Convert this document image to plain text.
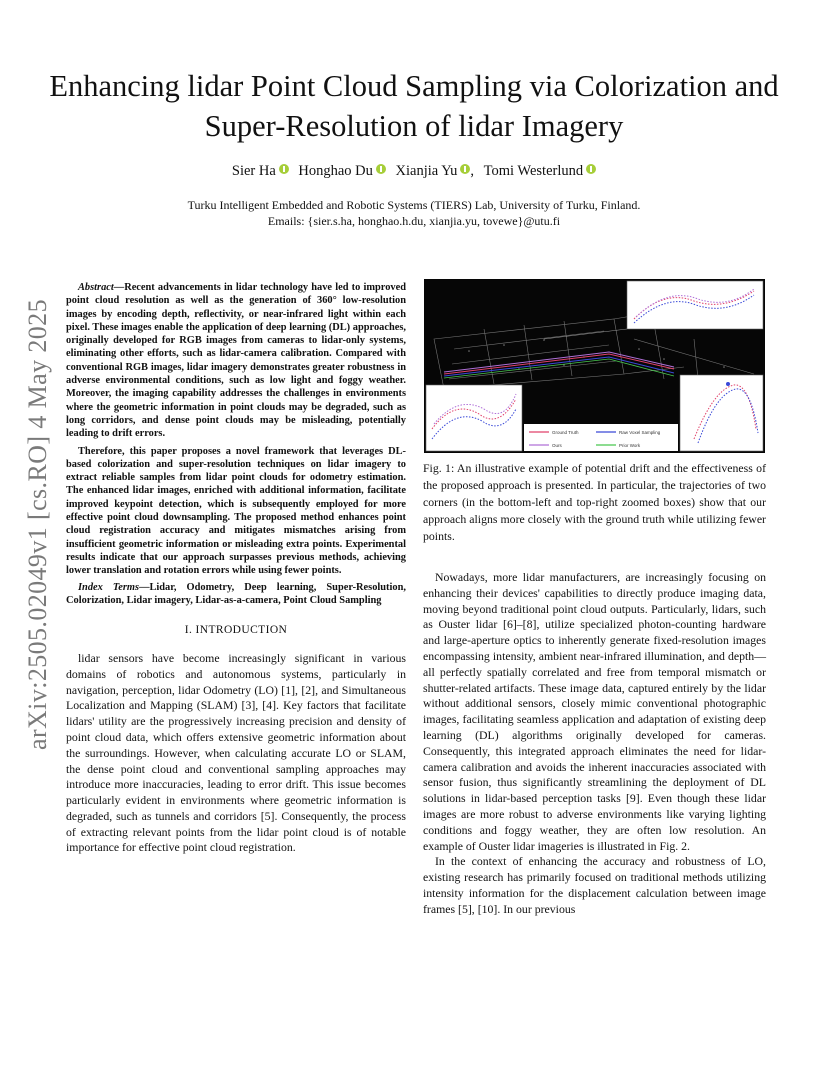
arXiv:2505.02049v1 [cs.RO] 4 May 2025
Enhancing lidar Point Cloud Sampling via Colorization and Super-Resolution of lidar Imagery
Sier Ha Honghao Du Xianjia Yu , Tomi Westerlund
Turku Intelligent Embedded and Robotic Systems (TIERS) Lab, University of Turku, Finland.
Emails: {sier.s.ha, honghao.h.du, xianjia.yu, tovewe}@utu.fi

Abstract—Recent advancements in lidar technology have led to improved point cloud resolution as well as the generation of 360° low-resolution images by encoding depth, reflectivity, or near-infrared light within each pixel. These images enable the application of deep learning (DL) approaches, originally developed for RGB images from cameras to lidar-only systems, eliminating other efforts, such as lidar-camera calibration. Compared with conventional RGB images, lidar imagery demonstrates greater robustness in adverse environmental conditions, such as low light and foggy weather. Moreover, the imaging capability addresses the challenges in environments where the geometric information in point clouds may be degraded, such as long corridors, and dense point clouds may be misleading, potentially leading to drift errors.

Therefore, this paper proposes a novel framework that leverages DL-based colorization and super-resolution techniques on lidar imagery to extract reliable samples from lidar point clouds for odometry estimation. The enhanced lidar images, enriched with additional information, facilitate improved keypoint detection, which is subsequently employed for more effective point cloud downsampling. The proposed method enhances point cloud registration accuracy and mitigates mismatches arising from insufficient geometric information or misleading extra points. Experimental results indicate that our approach surpasses previous methods, achieving lower translation and rotation errors while using fewer points.

Index Terms—Lidar, Odometry, Deep learning, Super-Resolution, Colorization, Lidar imagery, Lidar-as-a-camera, Point Cloud Sampling

I. INTRODUCTION

lidar sensors have become increasingly significant in various domains of robotics and autonomous systems, particularly in navigation, perception, lidar Odometry (LO) [1], [2], and Simultaneous Localization and Mapping (SLAM) [3], [4]. Key factors that facilitate lidars' utility are the progressively increasing precision and density of point cloud data, which offers extensive geometric information about the surroundings. However, when calculating accurate LO or SLAM, the dense point cloud and conventional sampling approaches may introduce more inaccuracies, leading to error drift. This issue becomes particularly evident in environments where geometric information is degraded, such as tunnels and corridors [5]. Consequently, the process of extracting relevant points from the lidar point cloud is of notable importance for effective point cloud registration.

Ground Truth	Raw Voxel Sampling
Ours	Prior Work
Fig. 1: An illustrative example of potential drift and the effectiveness of the proposed approach is presented. In particular, the trajectories of two corners (in the bottom-left and top-right zoomed boxes) show that our approach aligns more closely with the ground truth while utilizing fewer points.

Nowadays, more lidar manufacturers, are increasingly focusing on enhancing their devices' capabilities to directly produce imaging data, moving beyond traditional point cloud outputs. Particularly, lidars, such as Ouster lidar [6]–[8], utilize specialized photon-counting hardware and large-aperture optics to inherently generate fixed-resolution images encompassing intensity, ambient near-infrared illumination, and depth—all perfectly spatially correlated and free from temporal mismatch or shutter-related artifacts. These image data, captured entirely by the lidar without additional sensors, closely mimic conventional photographic images, facilitating seamless application and adaptation of existing deep learning (DL) algorithms originally developed for cameras. Consequently, this integrated approach eliminates the need for lidar-camera calibration and avoids the inherent inaccuracies associated with sensor fusion, thus significantly streamlining the deployment of DL solutions in lidar-based perception tasks [9]. Even though these lidar images are more robust to adverse environments like varying lighting conditions and foggy weather, they are often low resolution. An example of Ouster lidar imageries is illustrated in Fig. 2.

In the context of enhancing the accuracy and robustness of LO, existing research has primarily focused on traditional methods utilizing intensity information for the displacement calculation between image frames [5], [10]. In our previous
